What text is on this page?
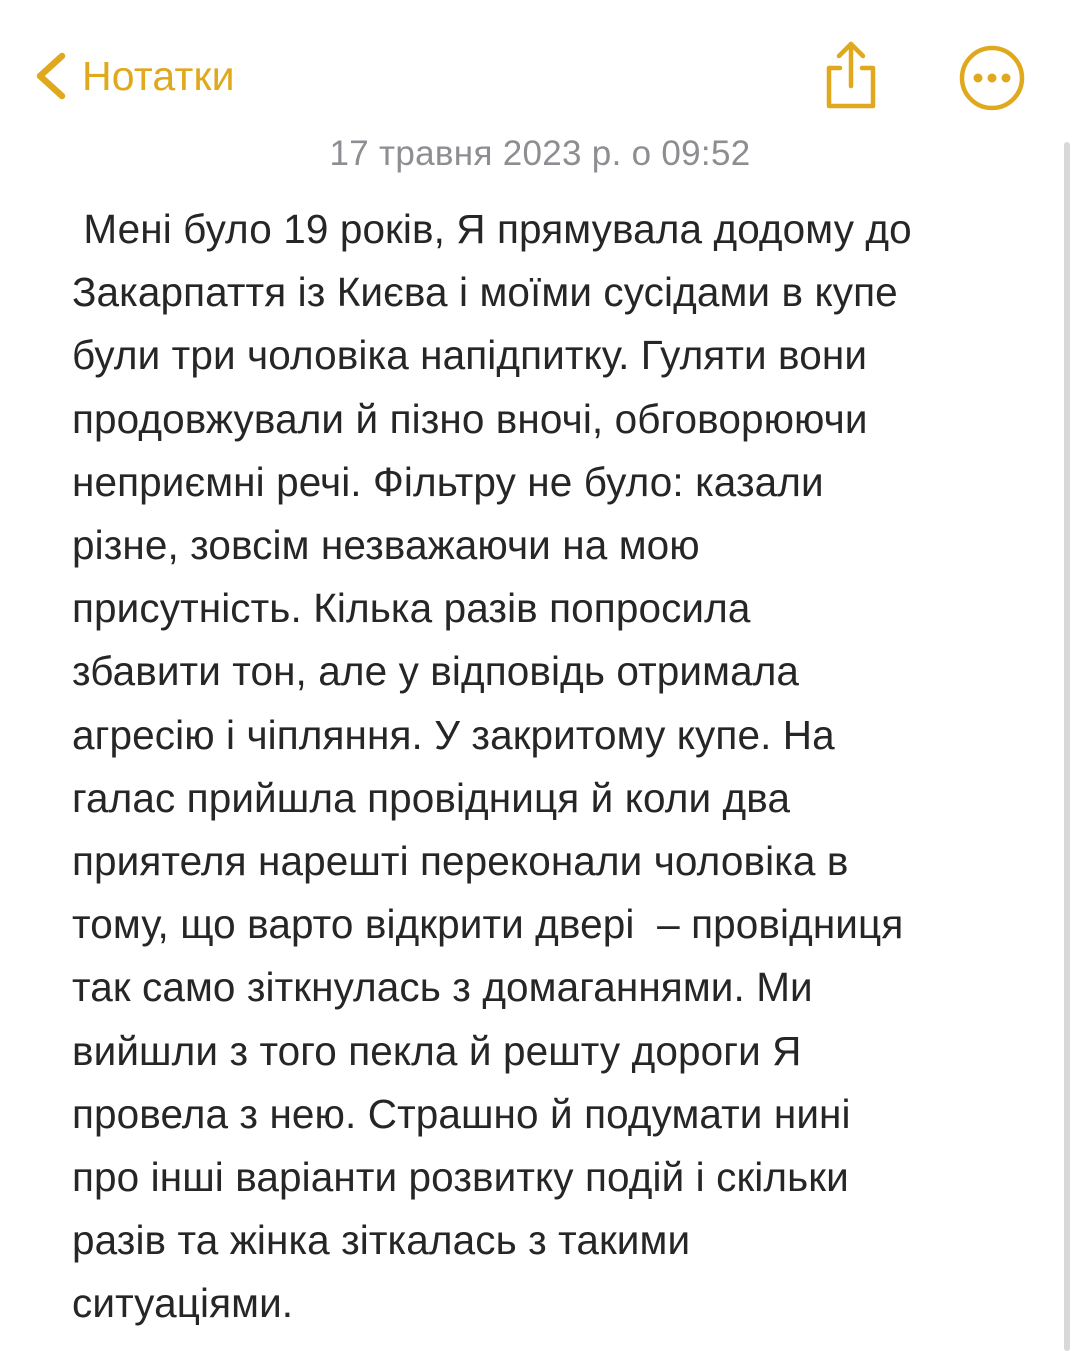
Нотатки
17 травня 2023 р. о 09:52
Мені було 19 років, Я прямувала додому до
Закарпаття із Києва і моїми сусідами в купе
були три чоловіка напідпитку. Гуляти вони
продовжували й пізно вночі, обговорюючи
неприємні речі. Фільтру не було: казали
різне, зовсім незважаючи на мою
присутність. Кілька разів попросила
збавити тон, але у відповідь отримала
агресію і чіпляння. У закритому купе. На
галас прийшла провідниця й коли два
приятеля нарешті переконали чоловіка в
тому, що варто відкрити двері  – провідниця
так само зіткнулась з домаганнями. Ми
вийшли з того пекла й решту дороги Я
провела з нею. Страшно й подумати нині
про інші варіанти розвитку подій і скільки
разів та жінка зіткалась з такими
ситуаціями.
